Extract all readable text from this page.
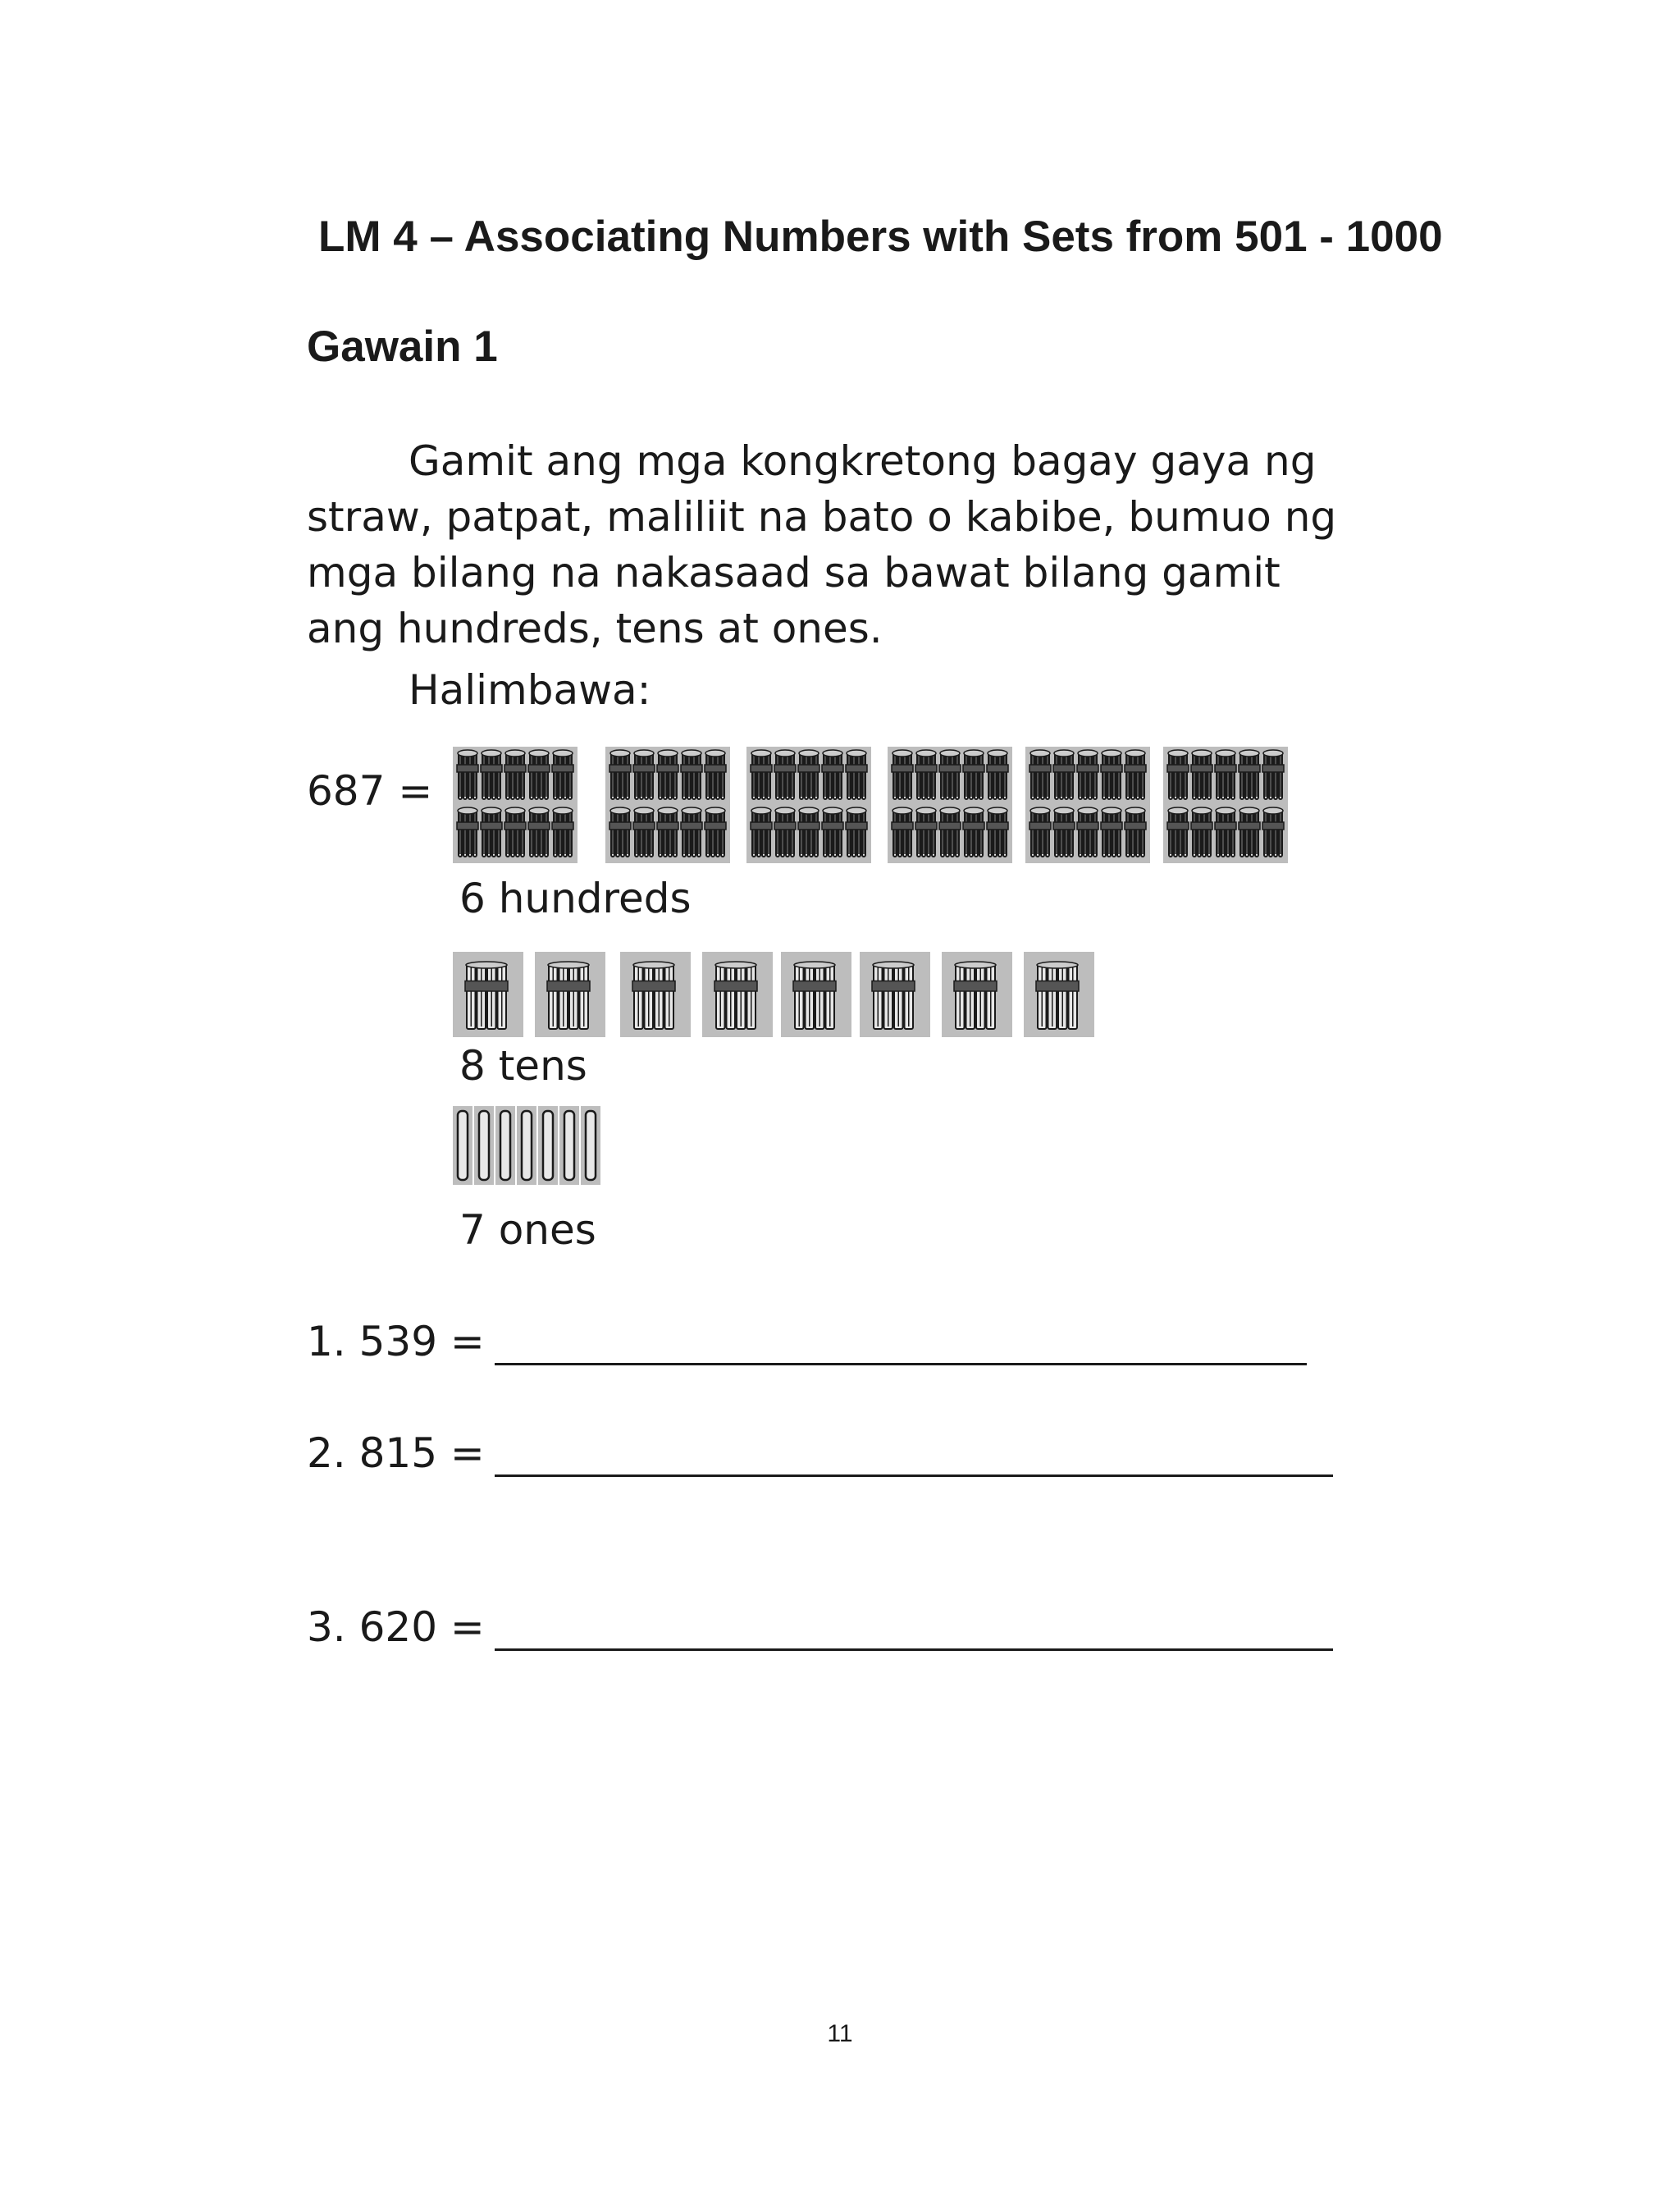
LM 4 – Associating Numbers with Sets from 501 - 1000
Gawain 1
Gamit ang mga kongkretong bagay gaya ng
straw, patpat, maliliit na bato o kabibe, bumuo ng
mga bilang na nakasaad sa bawat bilang gamit
ang hundreds, tens at ones.
Halimbawa:
687 =
6 hundreds
8 tens
7 ones
1. 539 =
2. 815 =
3. 620 =
11
